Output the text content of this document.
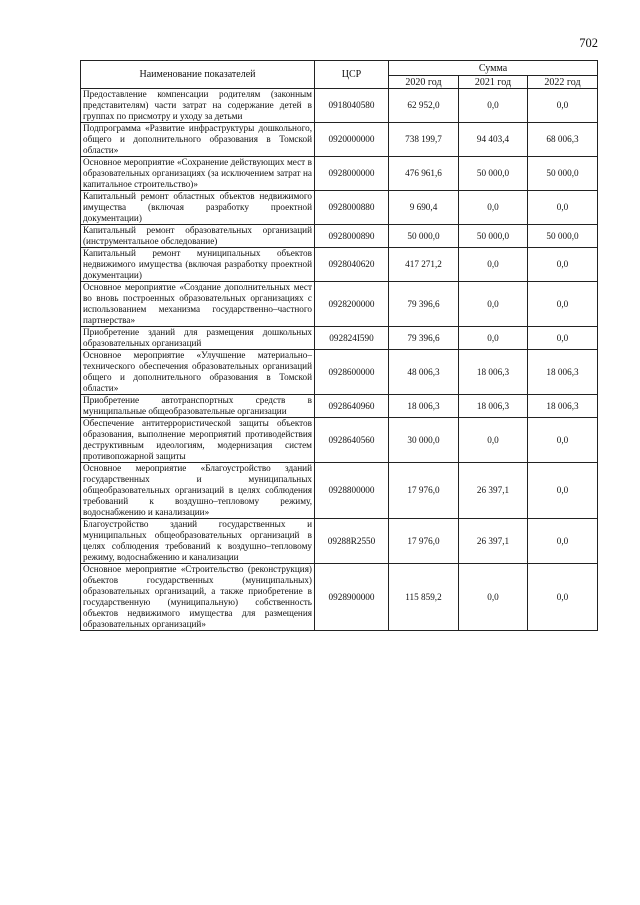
702
Наименование показателей	ЦСР	Сумма		
		2020 год	2021 год	2022 год
Предоставление компенсации родителям (законным представителям) части затрат на содержание детей в группах по присмотру и уходу за детьми	0918040580	62 952,0	0,0	0,0
Подпрограмма «Развитие инфраструктуры дошкольного, общего и дополнительного образования в Томской области»	0920000000	738 199,7	94 403,4	68 006,3
Основное мероприятие «Сохранение действующих мест в образовательных организациях (за исключением затрат на капитальное строительство)»	0928000000	476 961,6	50 000,0	50 000,0
Капитальный ремонт областных объектов недвижимого имущества (включая разработку проектной документации)	0928000880	9 690,4	0,0	0,0
Капитальный ремонт образовательных организаций (инструментальное обследование)	0928000890	50 000,0	50 000,0	50 000,0
Капитальный ремонт муниципальных объектов недвижимого имущества (включая разработку проектной документации)	0928040620	417 271,2	0,0	0,0
Основное мероприятие «Создание дополнительных мест во вновь построенных образовательных организациях с использованием механизма государственно–частного партнерства»	0928200000	79 396,6	0,0	0,0
Приобретение зданий для размещения дошкольных образовательных организаций	092824I590	79 396,6	0,0	0,0
Основное мероприятие «Улучшение материально–технического обеспечения образовательных организаций общего и дополнительного образования в Томской области»	0928600000	48 006,3	18 006,3	18 006,3
Приобретение автотранспортных средств в муниципальные общеобразовательные организации	0928640960	18 006,3	18 006,3	18 006,3
Обеспечение антитеррористической защиты объектов образования, выполнение мероприятий противодействия деструктивным идеологиям, модернизация систем противопожарной защиты	0928640560	30 000,0	0,0	0,0
Основное мероприятие «Благоустройство зданий государственных и муниципальных общеобразовательных организаций в целях соблюдения требований к воздушно–тепловому режиму, водоснабжению и канализации»	0928800000	17 976,0	26 397,1	0,0
Благоустройство зданий государственных и муниципальных общеобразовательных организаций в целях соблюдения требований к воздушно–тепловому режиму, водоснабжению и канализации	09288R2550	17 976,0	26 397,1	0,0
Основное мероприятие «Строительство (реконструкция) объектов государственных (муниципальных) образовательных организаций, а также приобретение в государственную (муниципальную) собственность объектов недвижимого имущества для размещения образовательных организаций»	0928900000	115 859,2	0,0	0,0
